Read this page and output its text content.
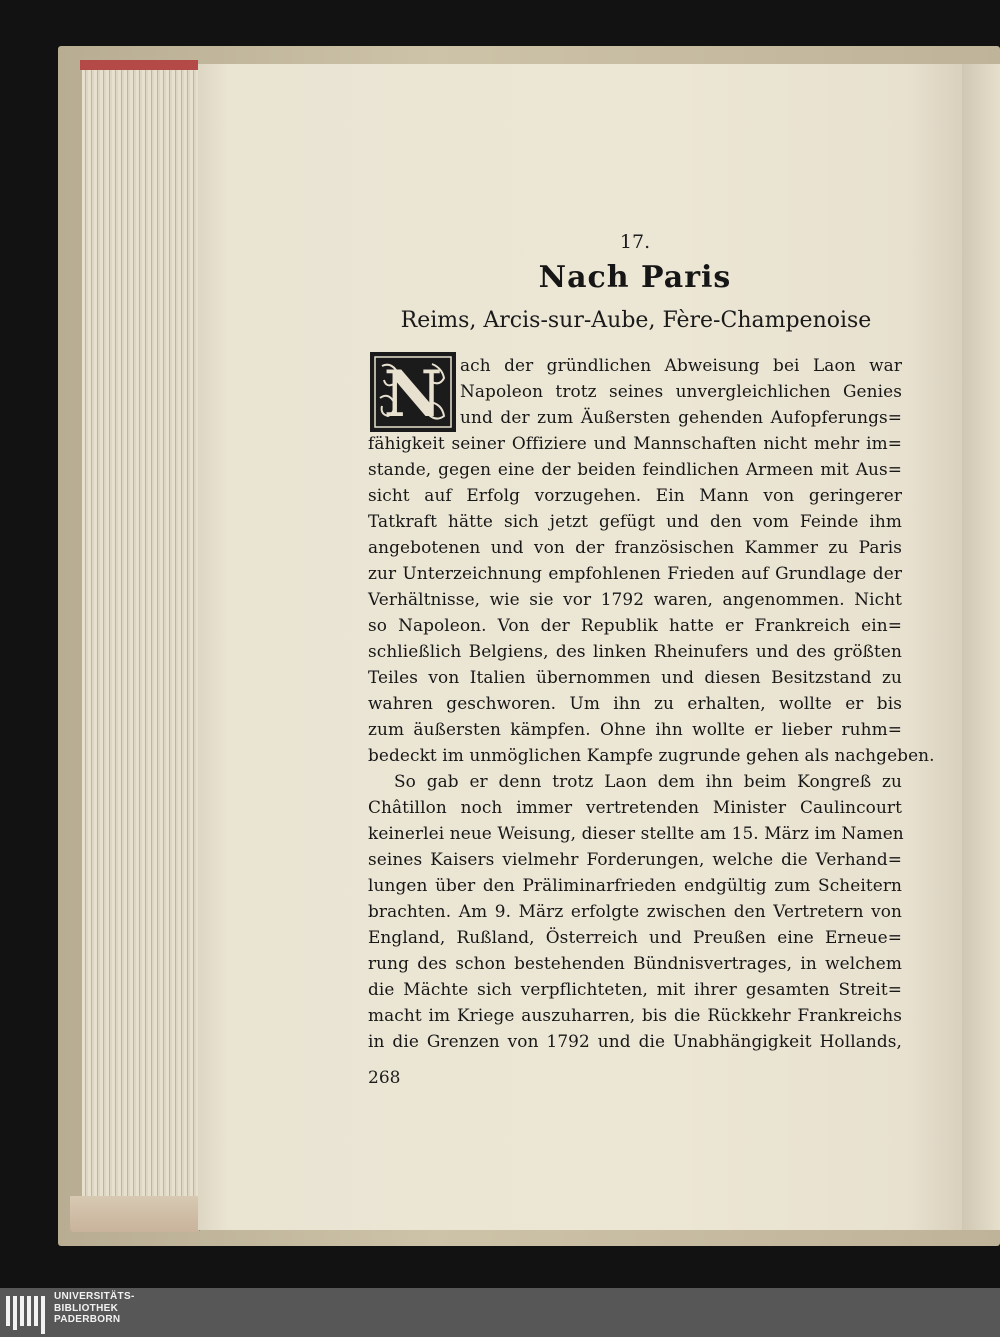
17.
Nach Paris
Reims, Arcis-sur-Aube, Fère-Champenoise
N	ach der gründlichen Abweisung bei Laon war
Napoleon trotz seines unvergleichlichen Genies
und der zum Äußersten gehenden Aufopferungs=
fähigkeit seiner Offiziere und Mannschaften nicht mehr im=
stande, gegen eine der beiden feindlichen Armeen mit Aus=
sicht auf Erfolg vorzugehen. Ein Mann von geringerer
Tatkraft hätte sich jetzt gefügt und den vom Feinde ihm
angebotenen und von der französischen Kammer zu Paris
zur Unterzeichnung empfohlenen Frieden auf Grundlage der
Verhältnisse, wie sie vor 1792 waren, angenommen. Nicht
so Napoleon. Von der Republik hatte er Frankreich ein=
schließlich Belgiens, des linken Rheinufers und des größten
Teiles von Italien übernommen und diesen Besitzstand zu
wahren geschworen. Um ihn zu erhalten, wollte er bis
zum äußersten kämpfen. Ohne ihn wollte er lieber ruhm=
bedeckt im unmöglichen Kampfe zugrunde gehen als nachgeben.
So gab er denn trotz Laon dem ihn beim Kongreß zu
Châtillon noch immer vertretenden Minister Caulincourt
keinerlei neue Weisung, dieser stellte am 15. März im Namen
seines Kaisers vielmehr Forderungen, welche die Verhand=
lungen über den Präliminarfrieden endgültig zum Scheitern
brachten. Am 9. März erfolgte zwischen den Vertretern von
England, Rußland, Österreich und Preußen eine Erneue=
rung des schon bestehenden Bündnisvertrages, in welchem
die Mächte sich verpflichteten, mit ihrer gesamten Streit=
macht im Kriege auszuharren, bis die Rückkehr Frankreichs
in die Grenzen von 1792 und die Unabhängigkeit Hollands,
268
UNIVERSITÄTS-BIBLIOTHEK PADERBORN
